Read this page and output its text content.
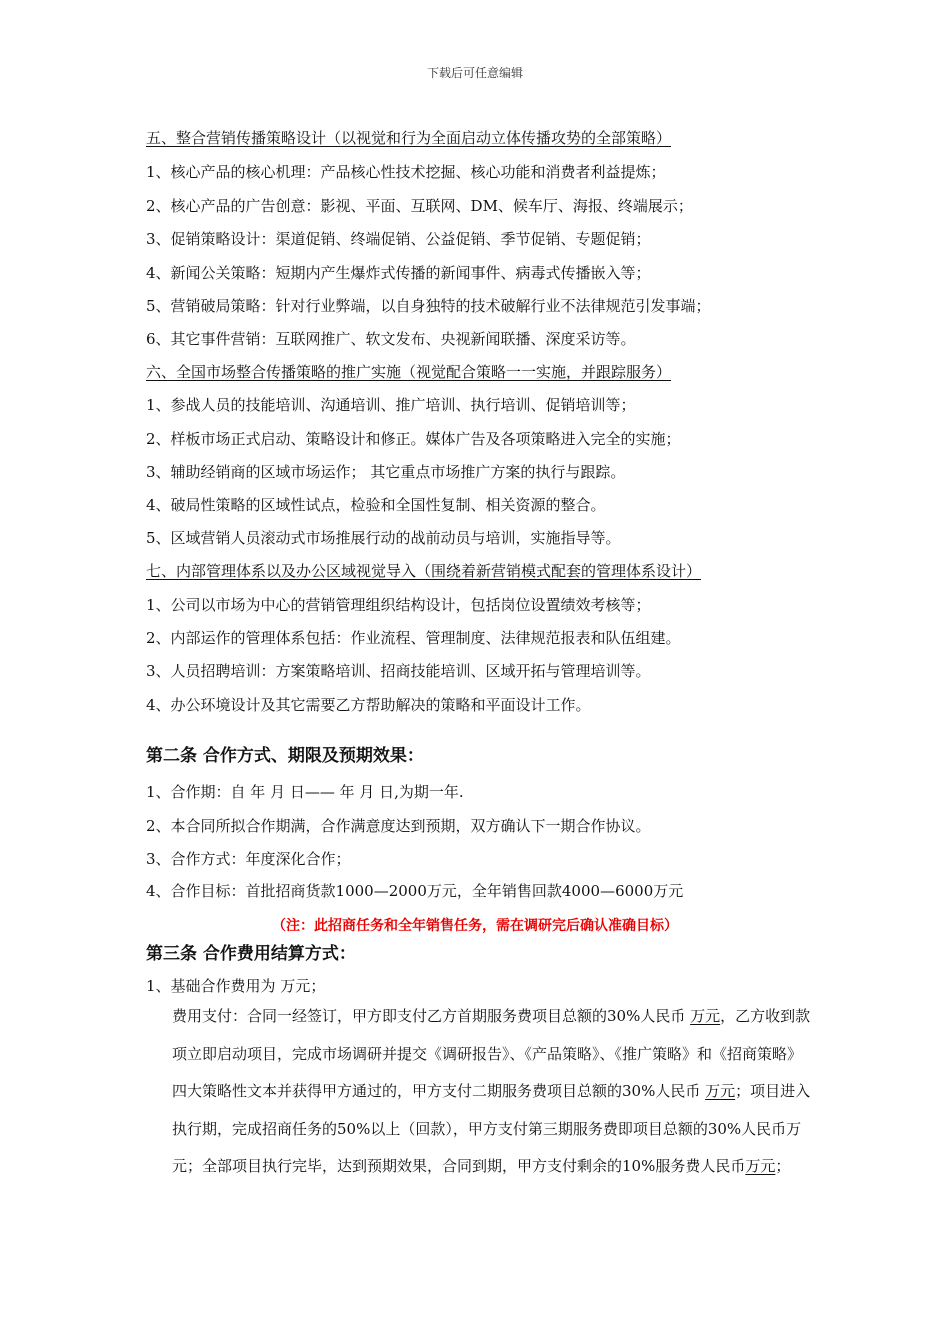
下载后可任意编辑
五、整合营销传播策略设计（以视觉和行为全面启动立体传播攻势的全部策略）
1、核心产品的核心机理：产品核心性技术挖掘、核心功能和消费者利益提炼；
2、核心产品的广告创意：影视、平面、互联网、DM、候车厅、海报、终端展示；
3、促销策略设计：渠道促销、终端促销、公益促销、季节促销、专题促销；
4、新闻公关策略：短期内产生爆炸式传播的新闻事件、病毒式传播嵌入等；
5、营销破局策略：针对行业弊端，以自身独特的技术破解行业不法律规范引发事端；
6、其它事件营销：互联网推广、软文发布、央视新闻联播、深度采访等。
六、全国市场整合传播策略的推广实施（视觉配合策略一一实施，并跟踪服务）
1、参战人员的技能培训、沟通培训、推广培训、执行培训、促销培训等；
2、样板市场正式启动、策略设计和修正。媒体广告及各项策略进入完全的实施；
3、辅助经销商的区域市场运作； 其它重点市场推广方案的执行与跟踪。
4、破局性策略的区域性试点，检验和全国性复制、相关资源的整合。
5、区域营销人员滚动式市场推展行动的战前动员与培训，实施指导等。
七、内部管理体系以及办公区域视觉导入（围绕着新营销模式配套的管理体系设计）
1、公司以市场为中心的营销管理组织结构设计，包括岗位设置绩效考核等；
2、内部运作的管理体系包括：作业流程、管理制度、法律规范报表和队伍组建。
3、人员招聘培训：方案策略培训、招商技能培训、区域开拓与管理培训等。
4、办公环境设计及其它需要乙方帮助解决的策略和平面设计工作。
第二条 合作方式、期限及预期效果：
1、合作期：自 年 月 日—— 年 月 日,为期一年.
2、本合同所拟合作期满，合作满意度达到预期，双方确认下一期合作协议。
3、合作方式：年度深化合作；
4、合作目标：首批招商货款1000—2000万元，全年销售回款4000—6000万元
（注：此招商任务和全年销售任务，需在调研完后确认准确目标）
第三条 合作费用结算方式：
1、基础合作费用为 万元；
费用支付：合同一经签订，甲方即支付乙方首期服务费项目总额的30%人民币 万元，乙方收到款项立即启动项目，完成市场调研并提交《调研报告》、《产品策略》、《推广策略》和《招商策略》四大策略性文本并获得甲方通过的，甲方支付二期服务费项目总额的30%人民币 万元；项目进入执行期，完成招商任务的50%以上（回款），甲方支付第三期服务费即项目总额的30%人民币万元；全部项目执行完毕，达到预期效果，合同到期，甲方支付剩余的10%服务费人民币万元；
